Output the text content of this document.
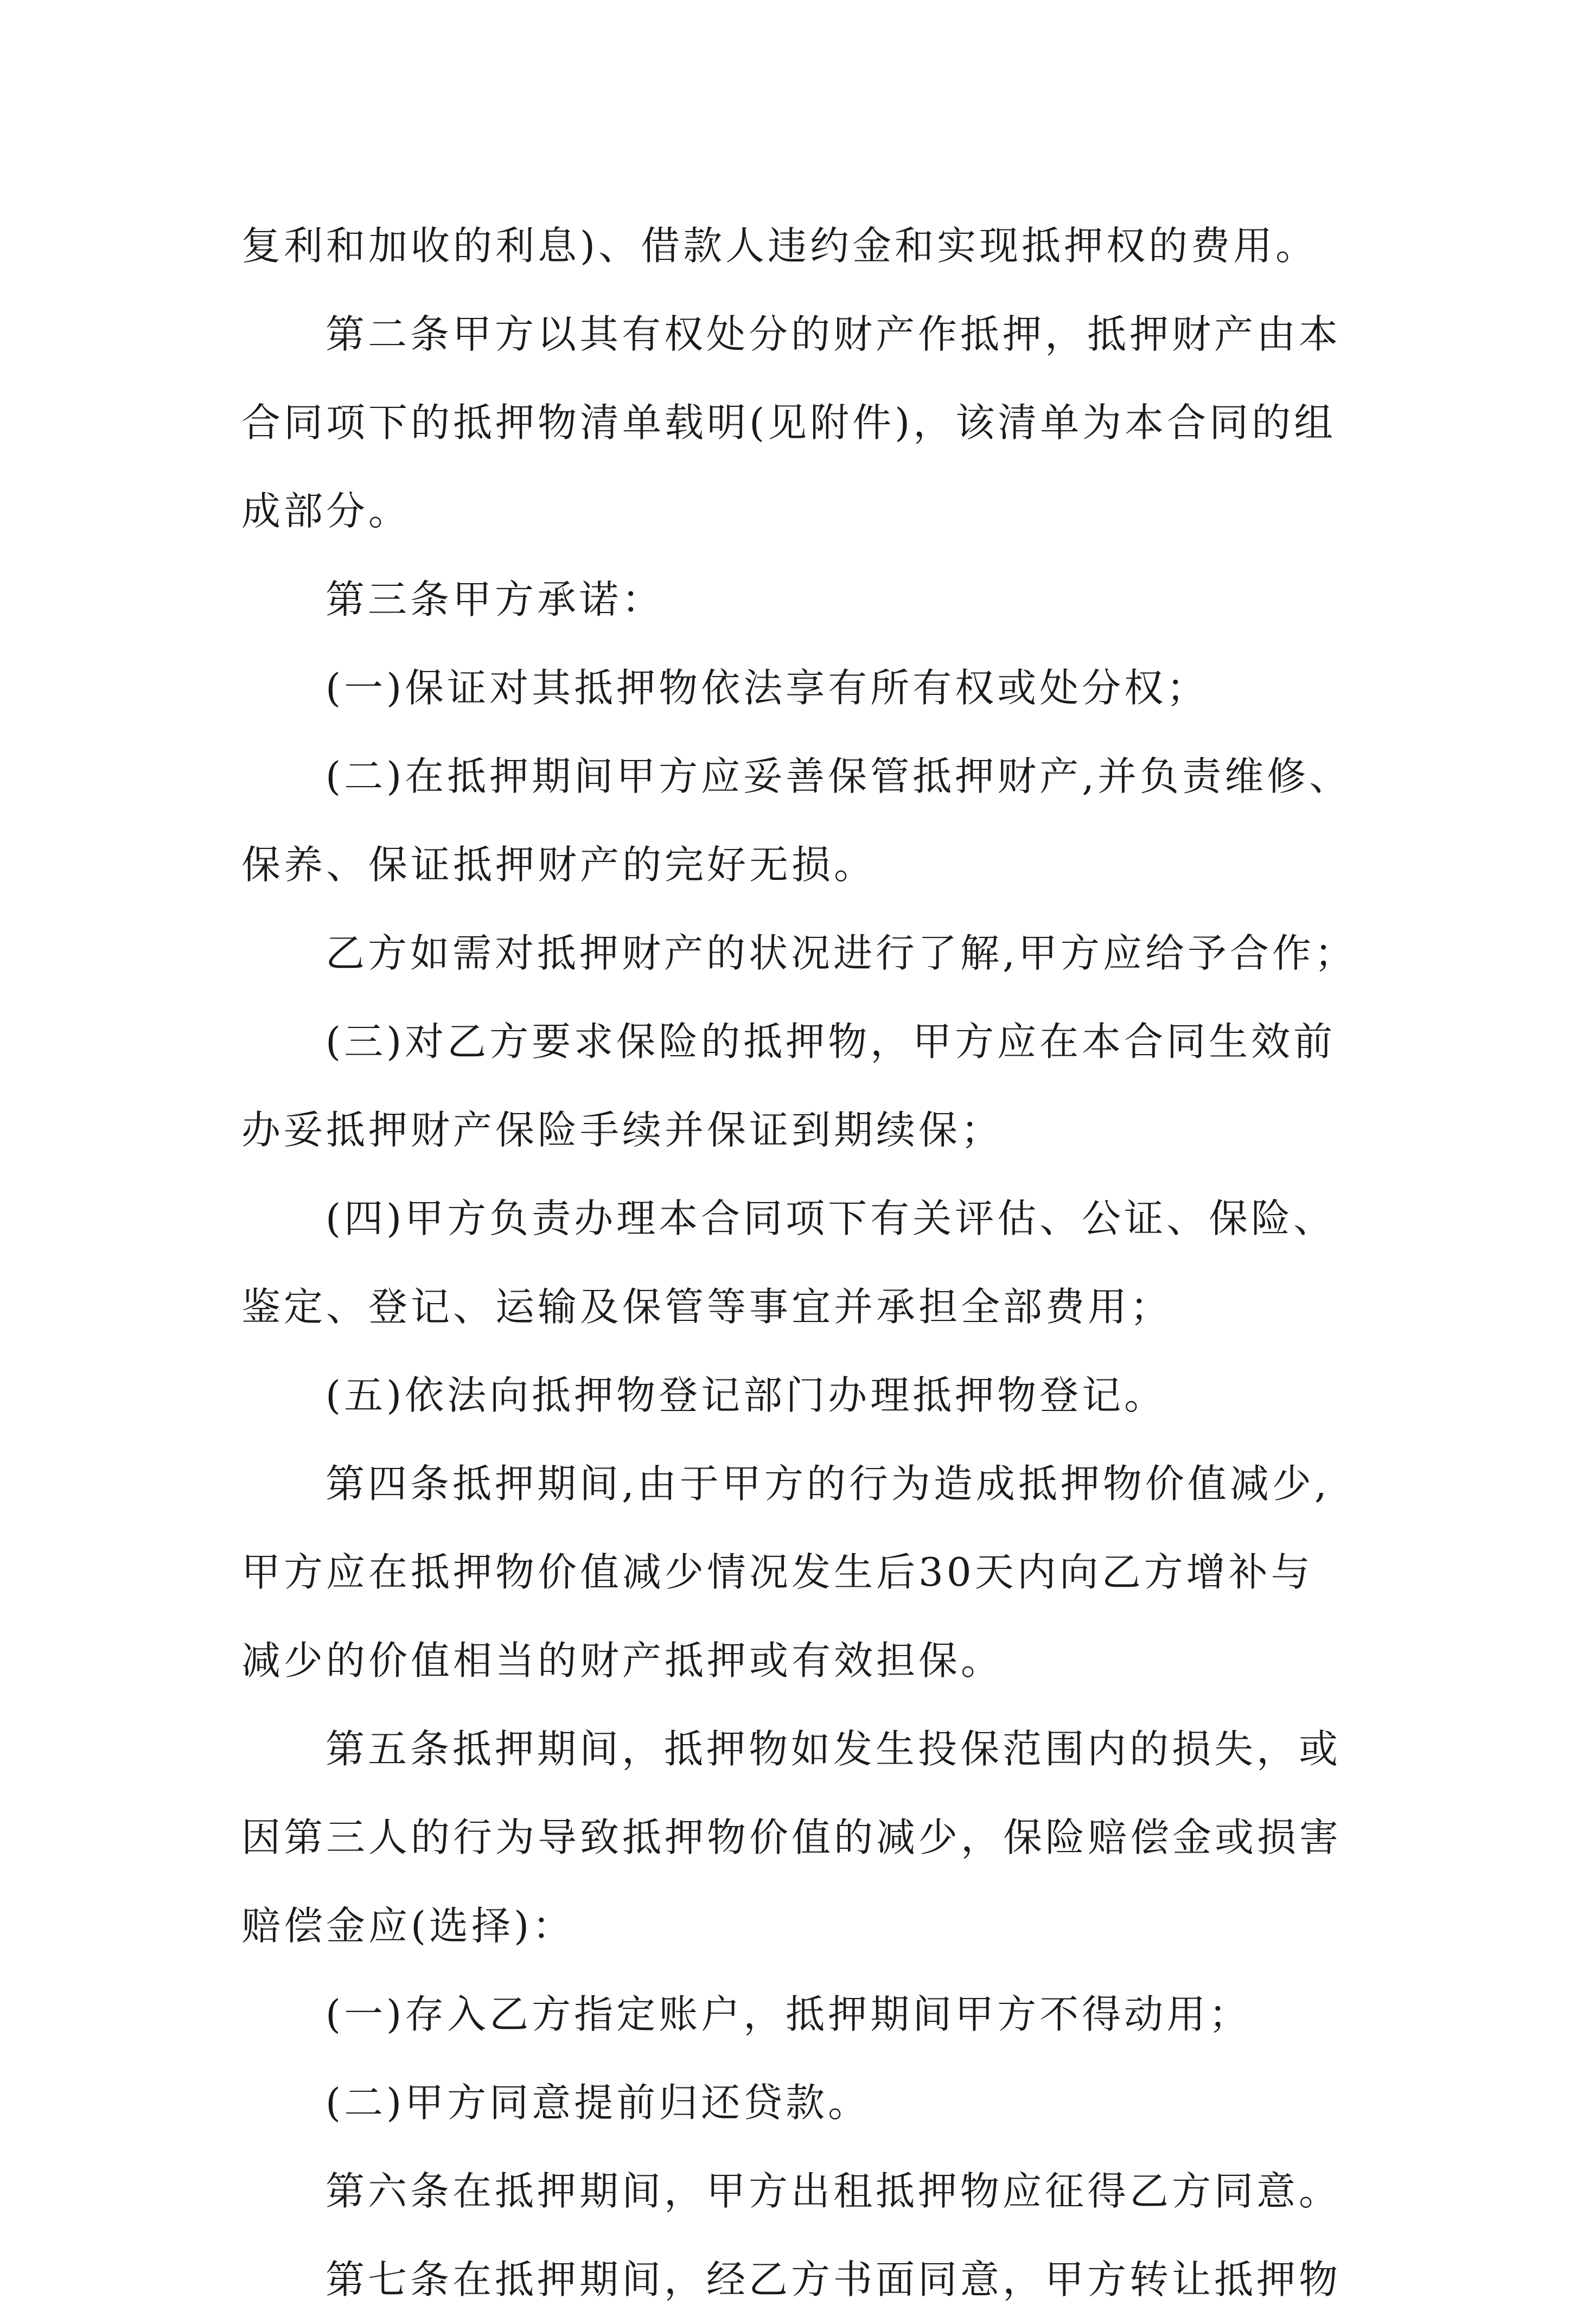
复利和加收的利息)、借款人违约金和实现抵押权的费用。
第二条甲方以其有权处分的财产作抵押，抵押财产由本
合同项下的抵押物清单载明(见附件)，该清单为本合同的组
成部分。
第三条甲方承诺：
(一)保证对其抵押物依法享有所有权或处分权；
(二)在抵押期间甲方应妥善保管抵押财产,并负责维修、
保养、保证抵押财产的完好无损。
乙方如需对抵押财产的状况进行了解,甲方应给予合作；
(三)对乙方要求保险的抵押物，甲方应在本合同生效前
办妥抵押财产保险手续并保证到期续保；
(四)甲方负责办理本合同项下有关评估、公证、保险、
鉴定、登记、运输及保管等事宜并承担全部费用；
(五)依法向抵押物登记部门办理抵押物登记。
第四条抵押期间,由于甲方的行为造成抵押物价值减少,
甲方应在抵押物价值减少情况发生后30天内向乙方增补与
减少的价值相当的财产抵押或有效担保。
第五条抵押期间，抵押物如发生投保范围内的损失，或
因第三人的行为导致抵押物价值的减少，保险赔偿金或损害
赔偿金应(选择)：
(一)存入乙方指定账户，抵押期间甲方不得动用；
(二)甲方同意提前归还贷款。
第六条在抵押期间，甲方出租抵押物应征得乙方同意。
第七条在抵押期间，经乙方书面同意，甲方转让抵押物
